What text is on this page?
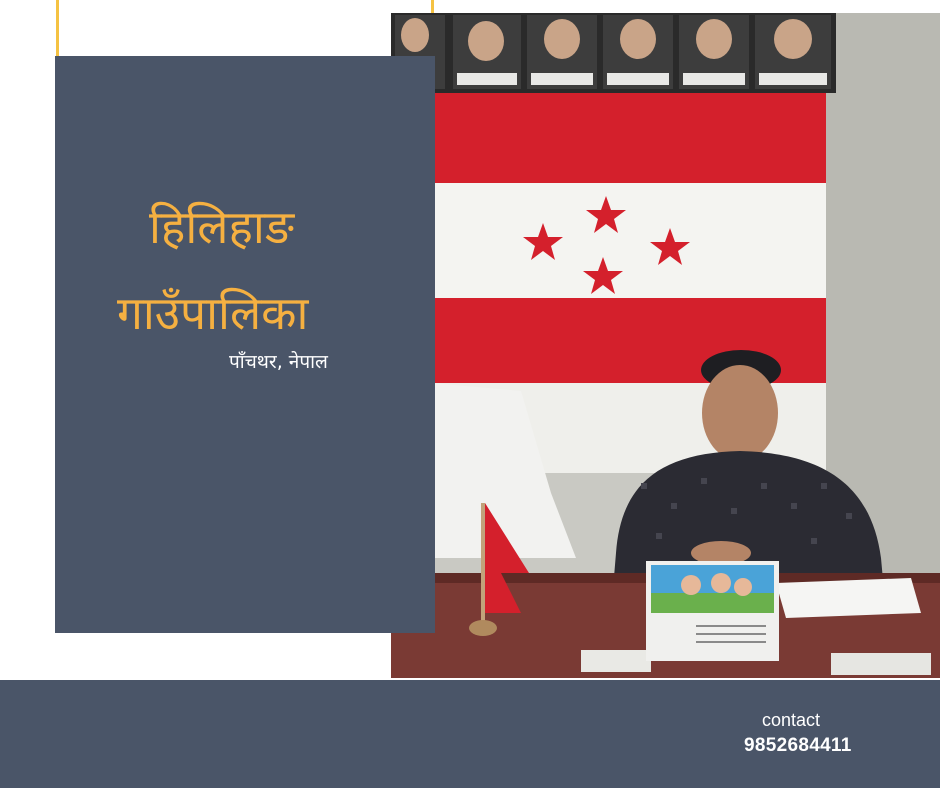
हिलिहाङ
गाउँपालिका
पाँचथर, नेपाल
contact
9852684411
